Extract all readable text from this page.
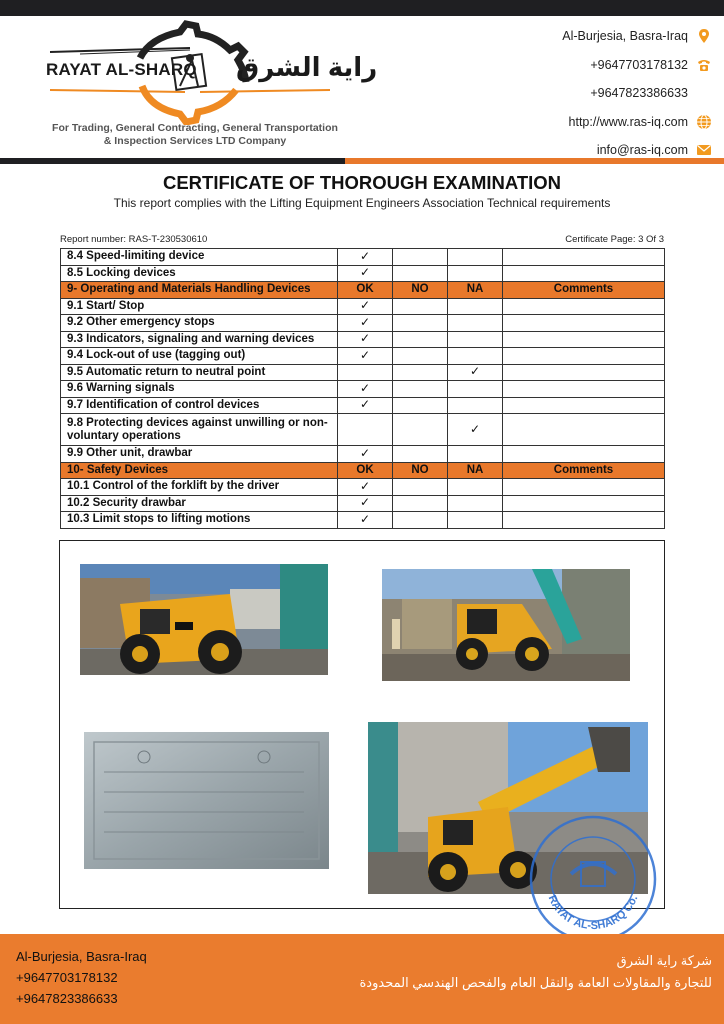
RAYAT AL-SHARQ راية الشرق
For Trading, General Contracting, General Transportation
& Inspection Services LTD Company
Al-Burjesia, Basra-Iraq
+9647703178132
+9647823386633
http://www.ras-iq.com
info@ras-iq.com
CERTIFICATE OF THOROUGH EXAMINATION
This report complies with the Lifting Equipment Engineers Association Technical requirements
Report number: RAS-T-230530610	Certificate Page: 3 Of 3
8.4 Speed-limiting device	✓			
8.5 Locking devices	✓			
9- Operating and Materials Handling Devices	OK	NO	NA	Comments
9.1 Start/ Stop	✓			
9.2 Other emergency stops	✓			
9.3 Indicators, signaling and warning devices	✓			
9.4 Lock-out of use (tagging out)	✓			
9.5 Automatic return to neutral point			✓	
9.6 Warning signals	✓			
9.7 Identification of control devices	✓			
9.8 Protecting devices against unwilling or non-voluntary operations			✓	
9.9 Other unit, drawbar	✓			
10- Safety Devices	OK	NO	NA	Comments
10.1 Control of the forklift by the driver	✓			
10.2 Security drawbar	✓			
10.3 Limit stops to lifting motions	✓			
RAYAT AL-SHARQ Co.
Al-Burjesia, Basra-Iraq
+9647703178132
+9647823386633
شركة راية الشرق
للتجارة والمقاولات العامة والنقل العام والفحص الهندسي المحدودة
